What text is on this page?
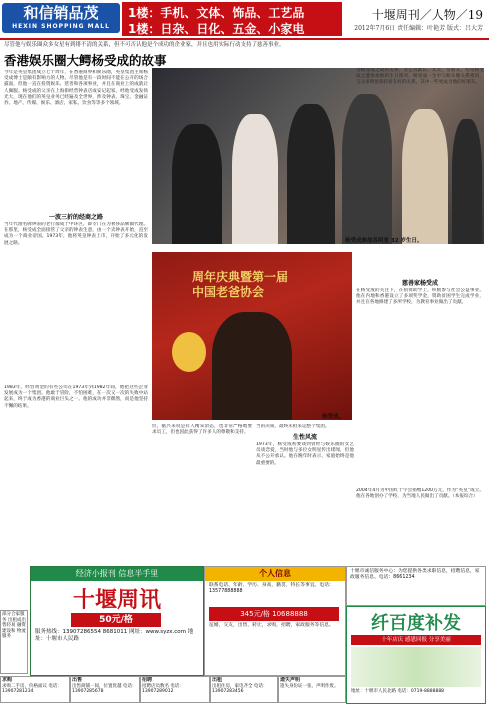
和信销品茂
HEXIN SHOPPING MALL
1楼：手机、文体、饰品、工艺品
1楼：日杂、日化、五金、小家电
十堰周刊／人物／19
2012年7月6日 责任编辑：叶艳芳 版式：吕大芳
尽管他与娱乐圈众多女星有到绯不清的关系，但不可否认他是个成功的企业家，并且也用实际行动支持了慈善事业。
香港娱乐圈大鳄杨受成的故事
杨受成参加各明星 32 岁生日。
周年庆典暨第一届
中国老爸协会
杨受成。
今年是英皇集团成立七十周年，在香港商界和娱乐圈，英皇集团主席杨受成博士是颇有影响力的人物。尽管他是有一段时间不能在公开的场合露面，但他一直在投资娱乐、慈善和各项事业，并且在商业上的成就让人佩服。杨受成的父亲在上海街经营钟表店成安记起家，经他受成发扬光大，现在他们的英皇业务已经遍及全世界，涉及钟表、珠宝、金融证券、地产、传媒、娱乐、酒店、家私、饮食等等多个领域。
一波三折的经商之路
当年代理名牌钟表的老行都成于中环区，即专门在为奢侈品牌做代理。在那里，杨受成全面接管了父亲的钟表生意，由一个卖钟表开始，直至成为一个商业帝国。1973年，他将英皇钟表上市，开始了多元化的发展之路。
1983年，经营黄金的有些公司在1973年到1982年间，他把这些企业发展成为一个集团。他敢于冒险，不怕困难，在一次又一次的失败中站起来，终于成为香港的商业巨头之一。他的成功并非偶然，而是他坚持不懈的结果。
为杨受成之间的关系，女艺员默认、太太、女朋友，均受杨受成之邀参加他的生日派对。杨受成一生中与娱乐圈关系密切，与众多明星保持着友好的关系，其中一些更成为他的好朋友。
慈善家杨受成
在杨受成的关注下，在捐资助学上，积极参与社会公益事业。他在内地和香港设立了多项奖学金，资助贫困学生完成学业，并且在各地修建了多所学校，为教育事业做出了贡献。
但，据兴来说是有人精采余态，也非常严格地要求员工，但也因此获得了许多人的尊敬和支持。
当的决策，最终未拍来运整个集团。
生性风流
1973年，杨受成初要谈到曾经与娱乐圈的女艺员谈恋爱，当时他与多位女明星传出绯闻，但他从不公开承认。他在晚年时表示，家庭始终是他最重要的。
2004年4月为中国红十字会捐赠1200万元，作为“英皇”成立。他在各地创办了学校，为当地人民做出了贡献。（本报综合）
部分合家服务 出租成出售轻易 融资建设和 物流服务
经济小报刊 信息半手里
十堰周讯
50元/格
服务热线：13907286554 8681011 网址：www.syzx.com 地址：十堰市人民路
个人信息
联系电话，年龄、学历、身高，籍贯，特长等事宜。电话：13577888888
345元/格 10688888
征婚，交友，出售，转让，求购，招聘，家政服务等信息。
十堰市诚信服务中心：为您提供各类求职信息，招聘信息，家政服务信息。电话：8661234
纤百度补发
十年店庆 感恩回报 分享美丽
地址：十堰市人民北路 电话：0719-8888888
求购
求购二手房，价格面议 电话：13907281234
出售
出售商铺一间，位置优越 电话：13907285678
招聘
招聘店员数名 电话：13907289012
出租
出租住房，家电齐全 电话：13907283456
遗失声明
遗失身份证一张，声明作废。
